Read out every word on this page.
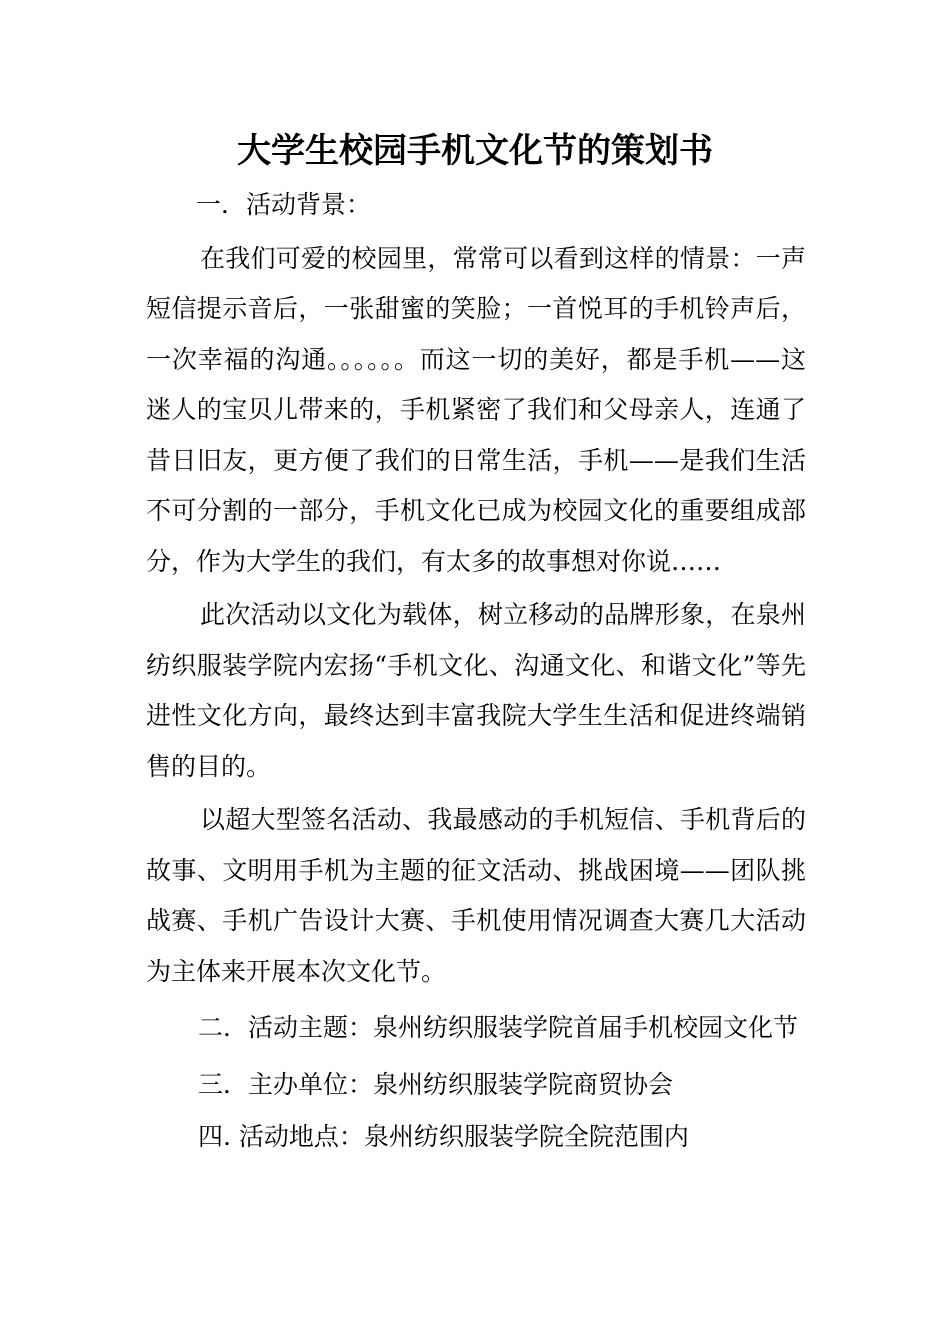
大学生校园手机文化节的策划书

一．活动背景：

在我们可爱的校园里，常常可以看到这样的情景：一声短信提示音后，一张甜蜜的笑脸；一首悦耳的手机铃声后，一次幸福的沟通。。。。。。而这一切的美好，都是手机——这迷人的宝贝儿带来的，手机紧密了我们和父母亲人，连通了昔日旧友，更方便了我们的日常生活，手机——是我们生活不可分割的一部分，手机文化已成为校园文化的重要组成部分，作为大学生的我们，有太多的故事想对你说……

此次活动以文化为载体，树立移动的品牌形象，在泉州纺织服装学院内宏扬“手机文化、沟通文化、和谐文化”等先进性文化方向，最终达到丰富我院大学生生活和促进终端销售的目的。

以超大型签名活动、我最感动的手机短信、手机背后的故事、文明用手机为主题的征文活动、挑战困境——团队挑战赛、手机广告设计大赛、手机使用情况调查大赛几大活动为主体来开展本次文化节。

二．活动主题：泉州纺织服装学院首届手机校园文化节

三．主办单位：泉州纺织服装学院商贸协会

四. 活动地点：泉州纺织服装学院全院范围内
